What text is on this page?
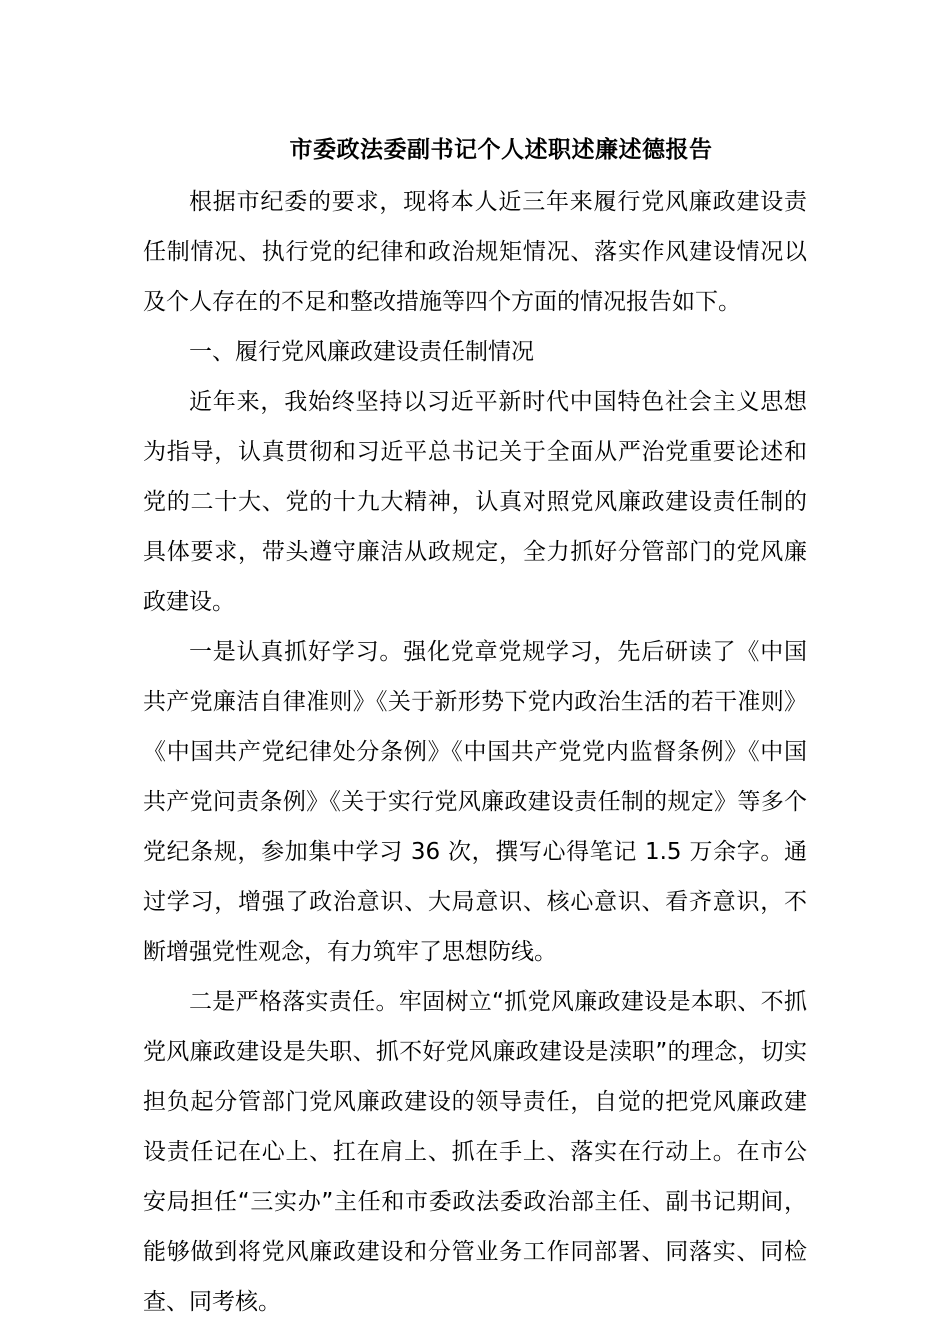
市委政法委副书记个人述职述廉述德报告

根据市纪委的要求，现将本人近三年来履行党风廉政建设责任制情况、执行党的纪律和政治规矩情况、落实作风建设情况以及个人存在的不足和整改措施等四个方面的情况报告如下。

一、履行党风廉政建设责任制情况

近年来，我始终坚持以习近平新时代中国特色社会主义思想为指导，认真贯彻和习近平总书记关于全面从严治党重要论述和党的二十大、党的十九大精神，认真对照党风廉政建设责任制的具体要求，带头遵守廉洁从政规定，全力抓好分管部门的党风廉政建设。

一是认真抓好学习。强化党章党规学习，先后研读了《中国共产党廉洁自律准则》《关于新形势下党内政治生活的若干准则》《中国共产党纪律处分条例》《中国共产党党内监督条例》《中国共产党问责条例》《关于实行党风廉政建设责任制的规定》等多个党纪条规，参加集中学习 36 次，撰写心得笔记 1.5 万余字。通过学习，增强了政治意识、大局意识、核心意识、看齐意识，不断增强党性观念，有力筑牢了思想防线。

二是严格落实责任。牢固树立“抓党风廉政建设是本职、不抓党风廉政建设是失职、抓不好党风廉政建设是渎职”的理念，切实担负起分管部门党风廉政建设的领导责任，自觉的把党风廉政建设责任记在心上、扛在肩上、抓在手上、落实在行动上。在市公安局担任“三实办”主任和市委政法委政治部主任、副书记期间，能够做到将党风廉政建设和分管业务工作同部署、同落实、同检查、同考核。
